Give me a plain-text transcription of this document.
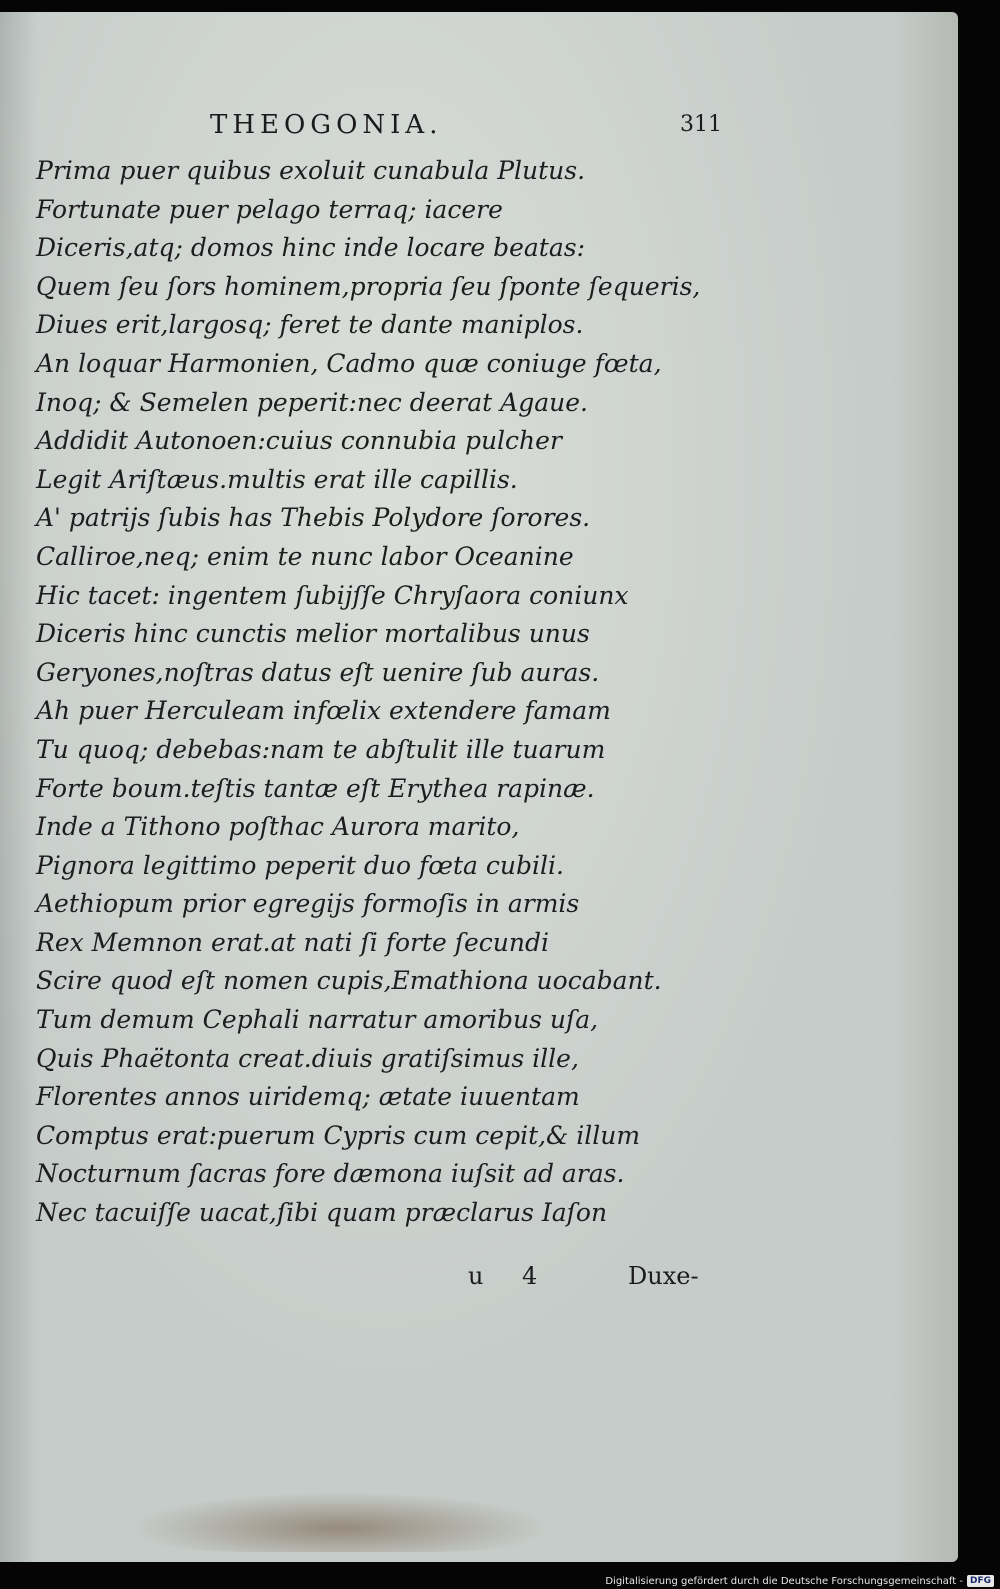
THEOGONIA.	311
Prima puer quibus exoluit cunabula Plutus.
Fortunate puer pelago terraq; iacere
Diceris,atq; domos hinc inde locare beatas:
Quem ſeu ſors hominem,propria ſeu ſponte ſequeris,
Diues erit,largosq; feret te dante maniplos.
An loquar Harmonien, Cadmo quæ coniuge fœta,
Inoq; & Semelen peperit:nec deerat Agaue.
Addidit Autonoen:cuius connubia pulcher
Legit Ariſtæus.multis erat ille capillis.
A' patrijs ſubis has Thebis Polydore ſorores.
Calliroe,neq; enim te nunc labor Oceanine
Hic tacet: ingentem ſubijſſe Chryſaora coniunx
Diceris hinc cunctis melior mortalibus unus
Geryones,noſtras datus eſt uenire ſub auras.
Ah puer Herculeam infœlix extendere famam
Tu quoq; debebas:nam te abſtulit ille tuarum
Forte boum.teſtis tantæ eſt Erythea rapinæ.
Inde a Tithono poſthac Aurora marito,
Pignora legittimo peperit duo fœta cubili.
Aethiopum prior egregijs formoſis in armis
Rex Memnon erat.at nati ſi forte ſecundi
Scire quod eſt nomen cupis,Emathiona uocabant.
Tum demum Cephali narratur amoribus uſa,
Quis Phaëtonta creat.diuis gratiſsimus ille,
Florentes annos uiridemq; ætate iuuentam
Comptus erat:puerum Cypris cum cepit,& illum
Nocturnum ſacras fore dæmona iuſsit ad aras.
Nec tacuiſſe uacat,ſibi quam præclarus Iaſon
u 4	Duxe-
Digitalisierung gefördert durch die Deutsche Forschungsgemeinschaft - DFG
